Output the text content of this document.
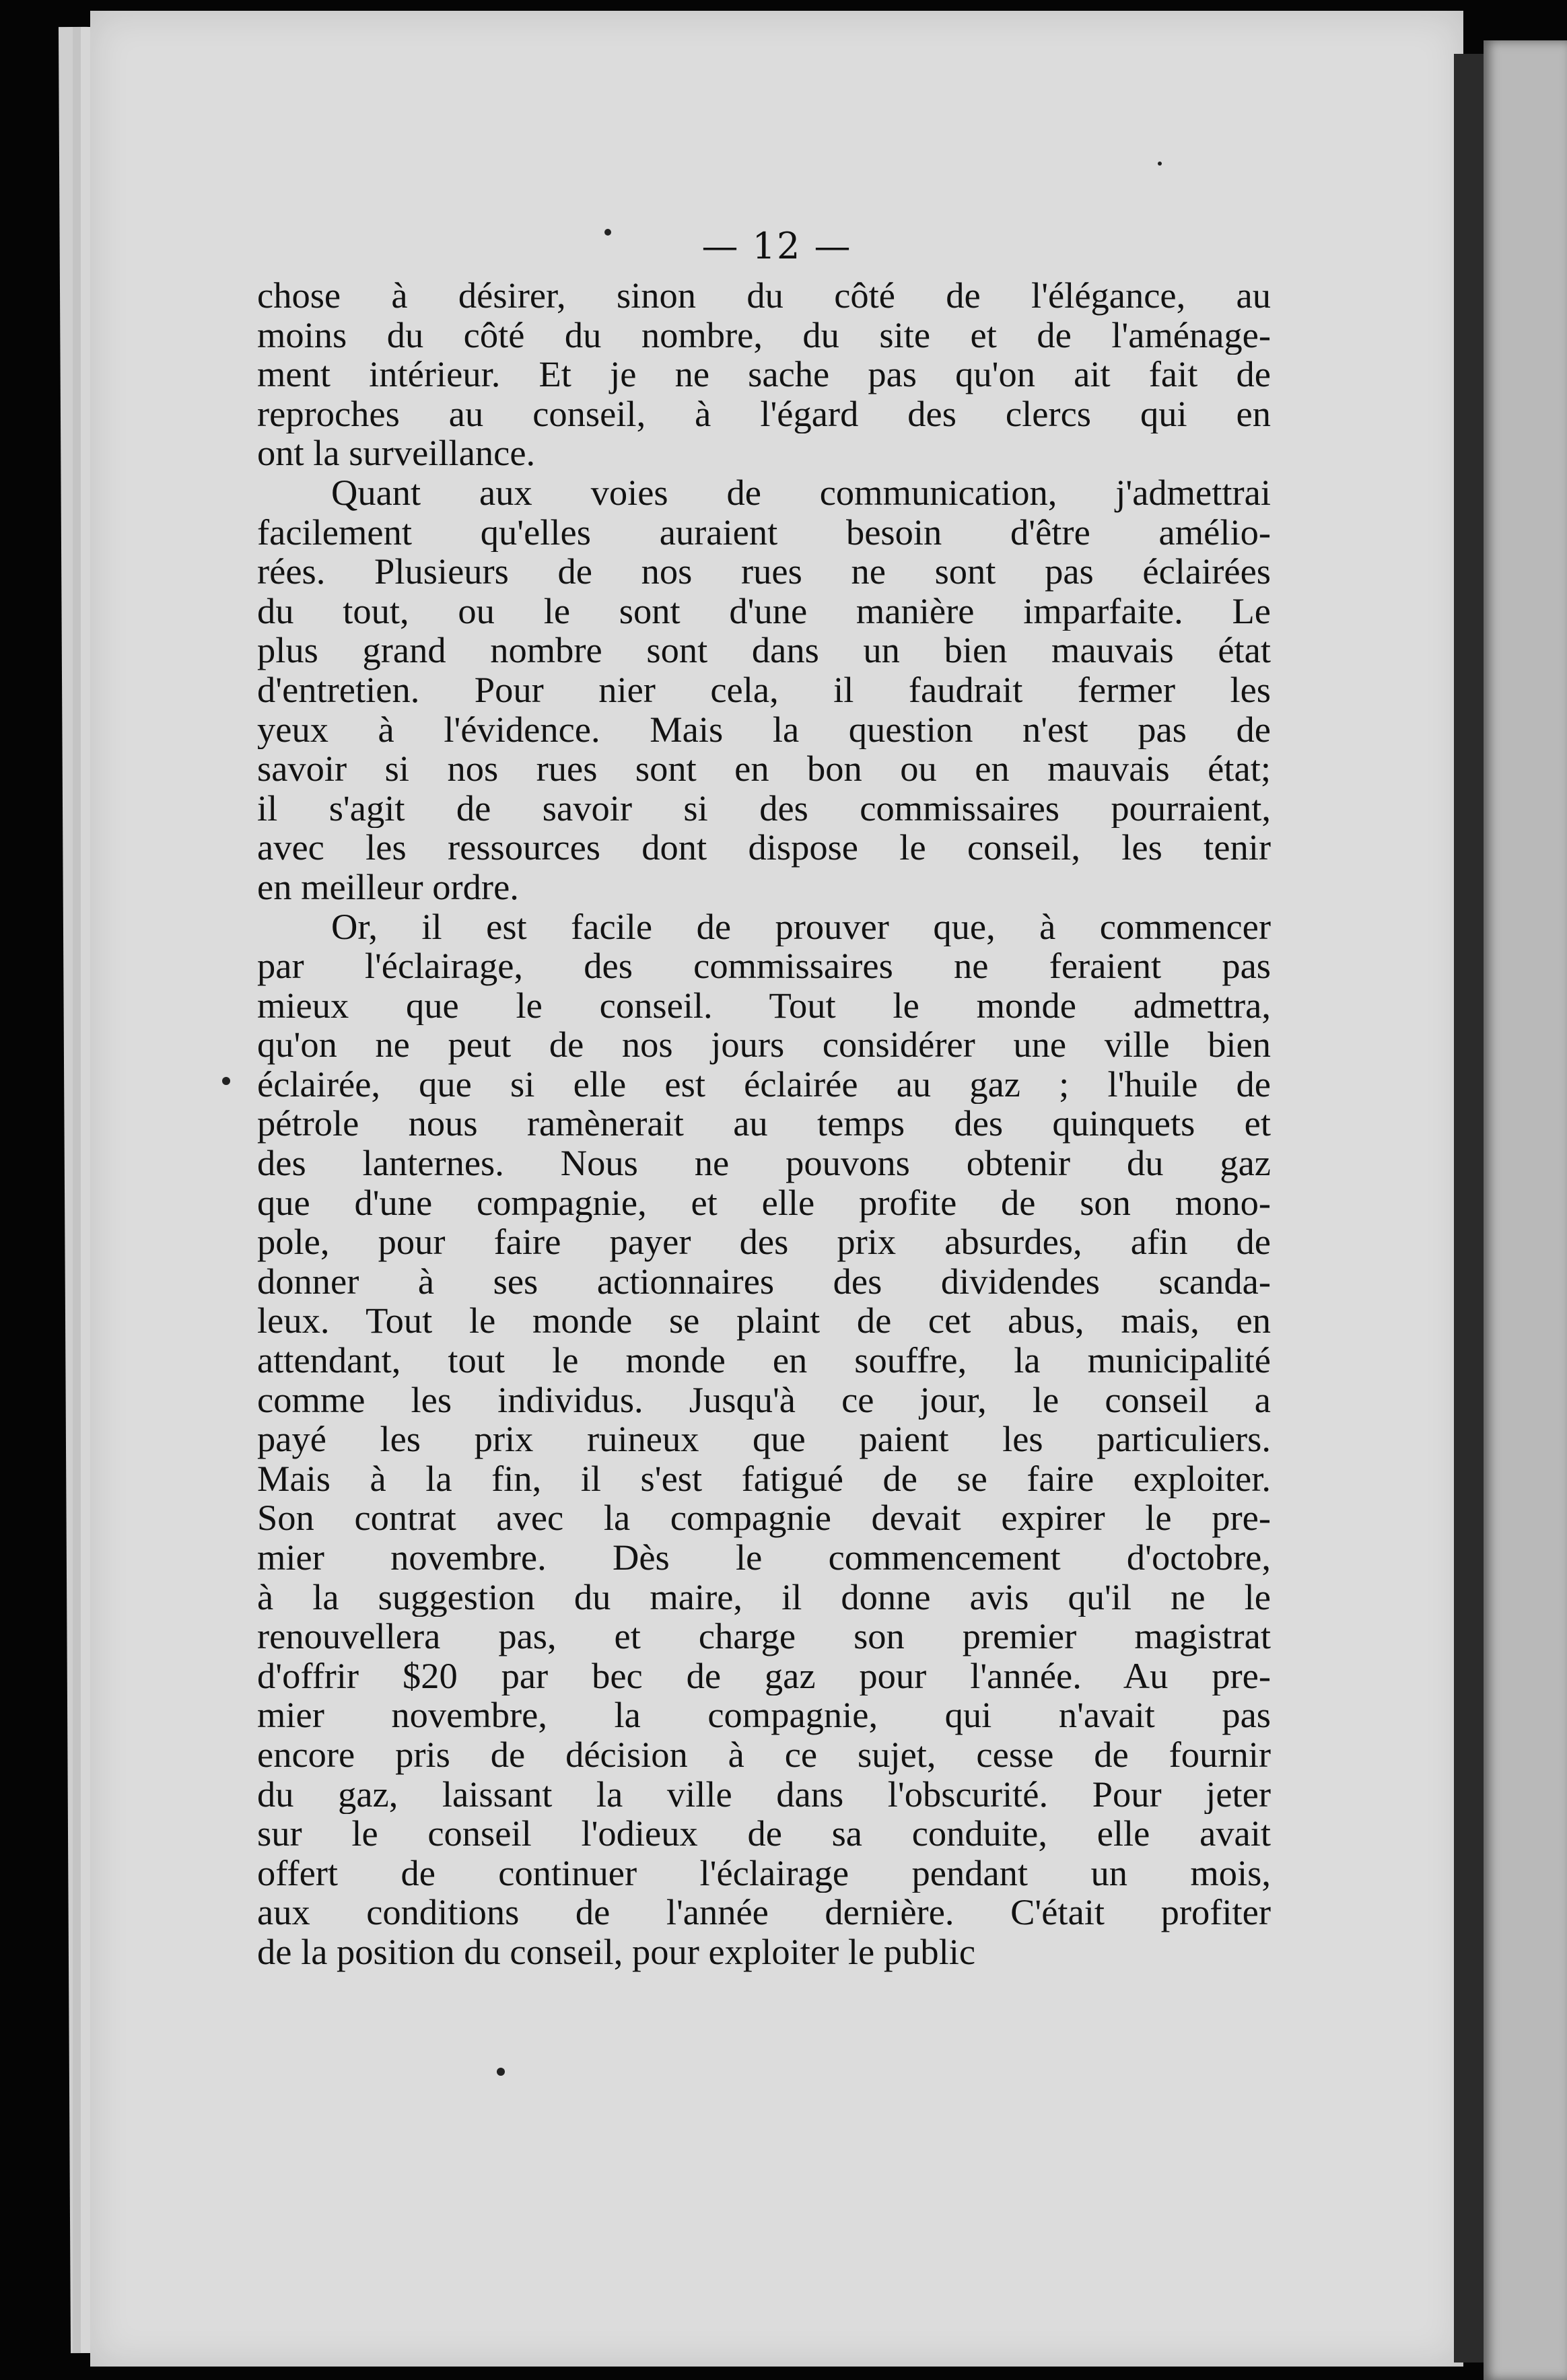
— 12 —
chose à désirer, sinon du côté de l'élégance, au
moins du côté du nombre, du site et de l'aménage-
ment intérieur. Et je ne sache pas qu'on ait fait de
reproches au conseil, à l'égard des clercs qui en
ont la surveillance.
Quant aux voies de communication, j'admettrai
facilement qu'elles auraient besoin d'être amélio-
rées. Plusieurs de nos rues ne sont pas éclairées
du tout, ou le sont d'une manière imparfaite. Le
plus grand nombre sont dans un bien mauvais état
d'entretien. Pour nier cela, il faudrait fermer les
yeux à l'évidence. Mais la question n'est pas de
savoir si nos rues sont en bon ou en mauvais état;
il s'agit de savoir si des commissaires pourraient,
avec les ressources dont dispose le conseil, les tenir
en meilleur ordre.
Or, il est facile de prouver que, à commencer
par l'éclairage, des commissaires ne feraient pas
mieux que le conseil. Tout le monde admettra,
qu'on ne peut de nos jours considérer une ville bien
éclairée, que si elle est éclairée au gaz ; l'huile de
pétrole nous ramènerait au temps des quinquets et
des lanternes. Nous ne pouvons obtenir du gaz
que d'une compagnie, et elle profite de son mono-
pole, pour faire payer des prix absurdes, afin de
donner à ses actionnaires des dividendes scanda-
leux. Tout le monde se plaint de cet abus, mais, en
attendant, tout le monde en souffre, la municipalité
comme les individus. Jusqu'à ce jour, le conseil a
payé les prix ruineux que paient les particuliers.
Mais à la fin, il s'est fatigué de se faire exploiter.
Son contrat avec la compagnie devait expirer le pre-
mier novembre. Dès le commencement d'octobre,
à la suggestion du maire, il donne avis qu'il ne le
renouvellera pas, et charge son premier magistrat
d'offrir $20 par bec de gaz pour l'année. Au pre-
mier novembre, la compagnie, qui n'avait pas
encore pris de décision à ce sujet, cesse de fournir
du gaz, laissant la ville dans l'obscurité. Pour jeter
sur le conseil l'odieux de sa conduite, elle avait
offert de continuer l'éclairage pendant un mois,
aux conditions de l'année dernière. C'était profiter
de la position du conseil, pour exploiter le public
